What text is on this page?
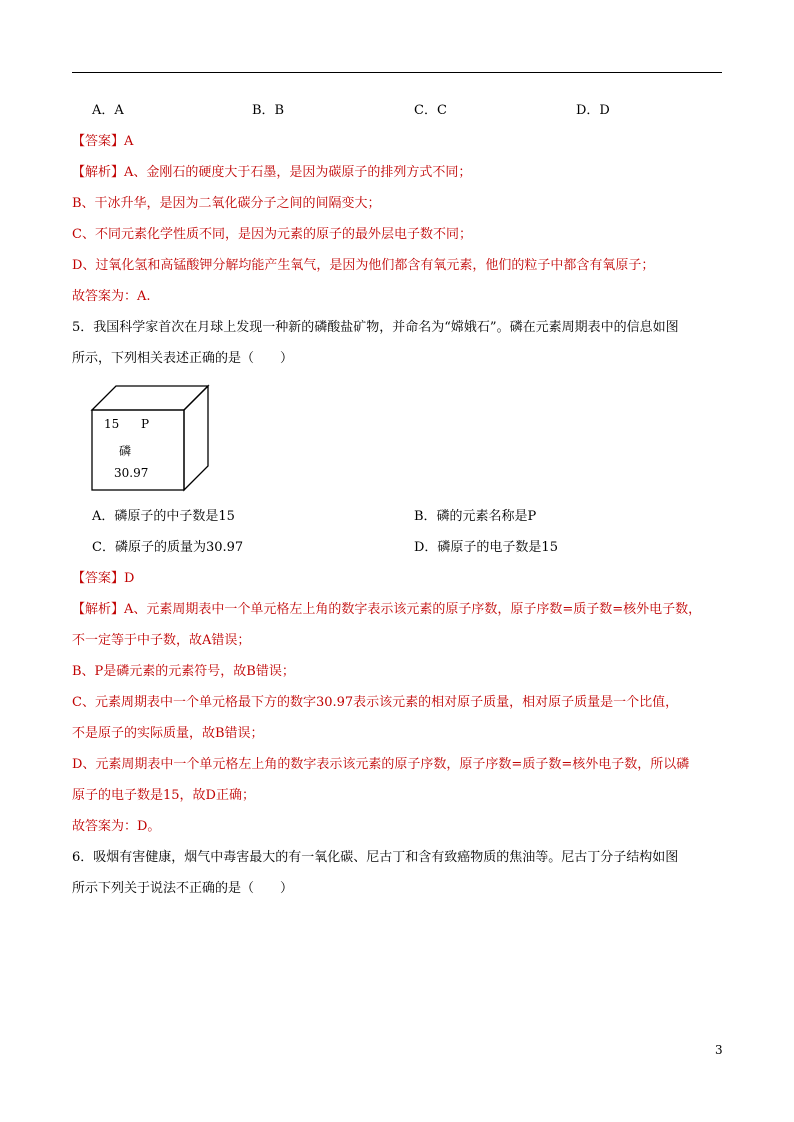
A．A	B．B	C．C	D．D
【答案】A
【解析】A、金刚石的硬度大于石墨，是因为碳原子的排列方式不同；
B、干冰升华，是因为二氧化碳分子之间的间隔变大；
C、不同元素化学性质不同，是因为元素的原子的最外层电子数不同；
D、过氧化氢和高锰酸钾分解均能产生氧气，是因为他们都含有氧元素，他们的粒子中都含有氧原子；
故答案为：A.
5．我国科学家首次在月球上发现一种新的磷酸盐矿物，并命名为“嫦娥石”。磷在元素周期表中的信息如图
所示，下列相关表述正确的是（　　）
15 P
磷
30.97
A．磷原子的中子数是15	B．磷的元素名称是P
C．磷原子的质量为30.97	D．磷原子的电子数是15
【答案】D
【解析】A、元素周期表中一个单元格左上角的数字表示该元素的原子序数，原子序数=质子数=核外电子数，
不一定等于中子数，故A错误；
B、P是磷元素的元素符号，故B错误；
C、元素周期表中一个单元格最下方的数字30.97表示该元素的相对原子质量，相对原子质量是一个比值，
不是原子的实际质量，故B错误；
D、元素周期表中一个单元格左上角的数字表示该元素的原子序数，原子序数=质子数=核外电子数，所以磷
原子的电子数是15，故D正确；
故答案为：D。
6．吸烟有害健康，烟气中毒害最大的有一氧化碳、尼古丁和含有致癌物质的焦油等。尼古丁分子结构如图
所示下列关于说法不正确的是（　　）
3
